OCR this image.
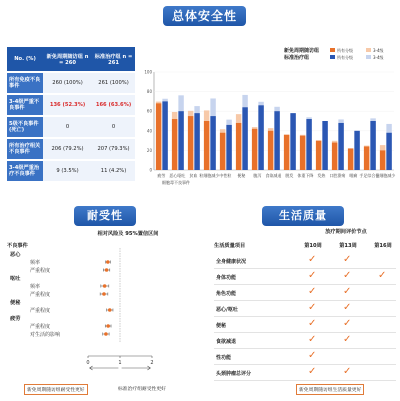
总体安全性
No. (%)	新免周期随访组 n = 260	标准治疗组 n = 261
所有免疫不良事件	260 (100%)	261 (100%)
3-4级严重不良事件	136 (52.3%)	166 (63.6%)
5级不良事件(死亡)	0	0
所有治疗相关不良事件	206 (79.2%)	207 (79.3%)
3-4级严重治疗不良事件	9 (3.5%)	11 (4.2%)	0
20
40
60
80
100
疲劳 恶心呕吐 贫血 粒细胞减少 中性粒 便秘 腹泻 食欲减退 脱发 体重下降 发热 口腔溃疡 咽痛 手足综合征
白细胞减少
细胞毒不良事件
新免周期随访组
标准治疗组
所有分级	3-4级
所有分级	3-4级
耐受性
相对风险及 95%置信区间
不良事件
恶心
频率
严重程度
呕吐
频率
严重程度
便秘
严重程度
疲劳
严重程度
对生活的影响
0	1	2
新免周期随访组耐受性更好	标准治疗组耐受性更好
生活质量
放疗期间评价节点
生活质量项目	第10周	第13周	第16周
全身健康状况	✓	✓
身体功能	✓	✓	✓
角色功能	✓	✓
恶心/呕吐	✓	✓
便秘	✓	✓
食欲减退	✓	✓
性功能	✓
头颈肿瘤总评分	✓	✓
新免周期随访组生活质量更好
